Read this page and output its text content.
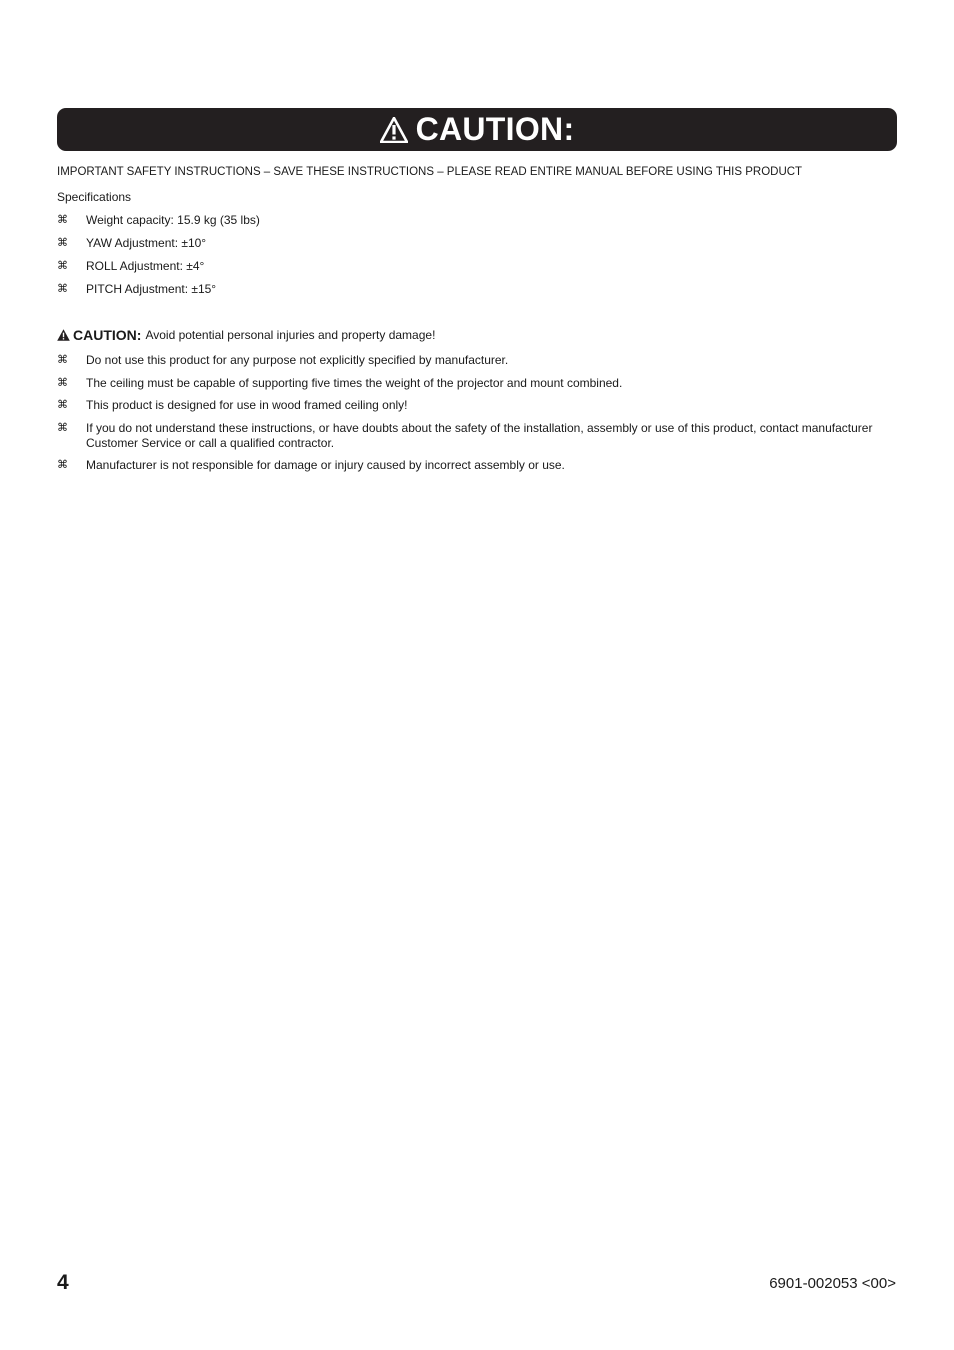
CAUTION:
IMPORTANT SAFETY INSTRUCTIONS – SAVE THESE INSTRUCTIONS – PLEASE READ ENTIRE MANUAL BEFORE USING THIS PRODUCT
Specifications
⌘ Weight capacity: 15.9 kg (35 lbs)
⌘ YAW Adjustment: ±10°
⌘ ROLL Adjustment: ±4°
⌘ PITCH Adjustment: ±15°
CAUTION: Avoid potential personal injuries and property damage!
⌘ Do not use this product for any purpose not explicitly specified by manufacturer.
⌘ The ceiling must be capable of supporting five times the weight of the projector and mount combined.
⌘ This product is designed for use in wood framed ceiling only!
⌘ If you do not understand these instructions, or have doubts about the safety of the installation, assembly or use of this product, contact manufacturer Customer Service or call a qualified contractor.
⌘ Manufacturer is not responsible for damage or injury caused by incorrect assembly or use.
4	6901-002053 <00>
